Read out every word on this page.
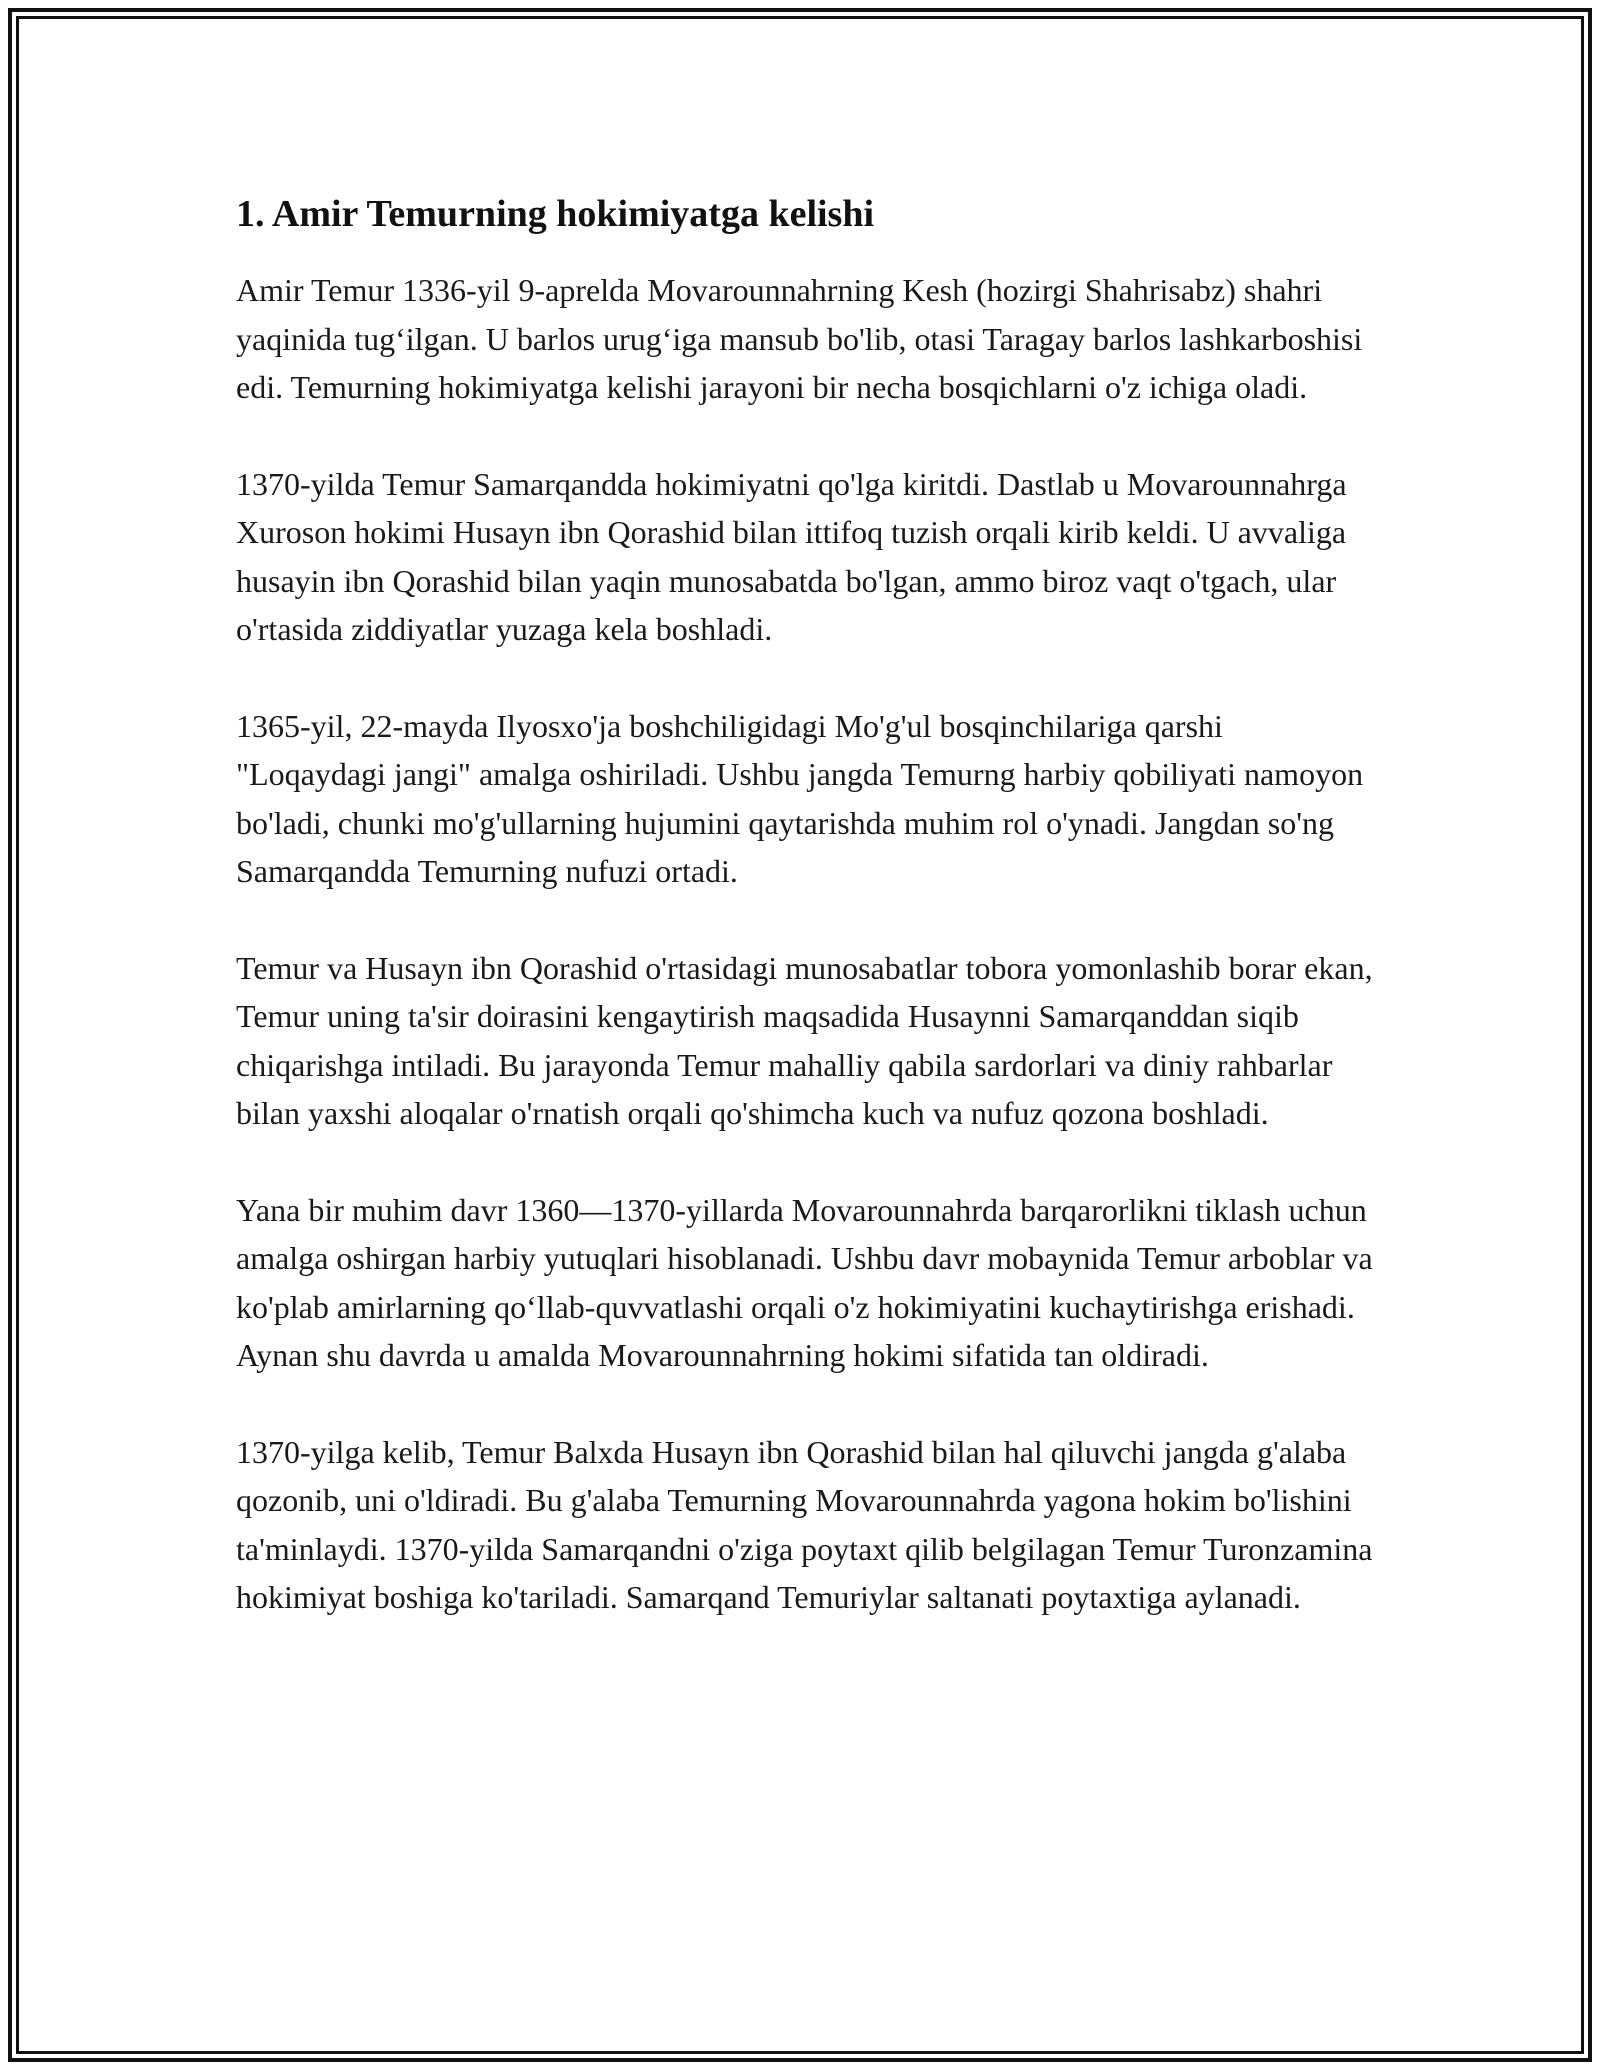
1. Amir Temurning hokimiyatga kelishi

Amir Temur 1336-yil 9-aprelda Movarounnahrning Kesh (hozirgi Shahrisabz) shahri yaqinida tug‘ilgan. U barlos urug‘iga mansub bo'lib, otasi Taragay barlos lashkarboshisi edi. Temurning hokimiyatga kelishi jarayoni bir necha bosqichlarni o'z ichiga oladi.

1370-yilda Temur Samarqandda hokimiyatni qo'lga kiritdi. Dastlab u Movarounnahrga Xuroson hokimi Husayn ibn Qorashid bilan ittifoq tuzish orqali kirib keldi. U avvaliga husayin ibn Qorashid bilan yaqin munosabatda bo'lgan, ammo biroz vaqt o'tgach, ular o'rtasida ziddiyatlar yuzaga kela boshladi.

1365-yil, 22-mayda Ilyosxo'ja boshchiligidagi Mo'g'ul bosqinchilariga qarshi "Loqaydagi jangi" amalga oshiriladi. Ushbu jangda Temurng harbiy qobiliyati namoyon bo'ladi, chunki mo'g'ullarning hujumini qaytarishda muhim rol o'ynadi. Jangdan so'ng Samarqandda Temurning nufuzi ortadi.

Temur va Husayn ibn Qorashid o'rtasidagi munosabatlar tobora yomonlashib borar ekan, Temur uning ta'sir doirasini kengaytirish maqsadida Husaynni Samarqanddan siqib chiqarishga intiladi. Bu jarayonda Temur mahalliy qabila sardorlari va diniy rahbarlar bilan yaxshi aloqalar o'rnatish orqali qo'shimcha kuch va nufuz qozona boshladi.

Yana bir muhim davr 1360—1370-yillarda Movarounnahrda barqarorlikni tiklash uchun amalga oshirgan harbiy yutuqlari hisoblanadi. Ushbu davr mobaynida Temur arboblar va ko'plab amirlarning qo‘llab-quvvatlashi orqali o'z hokimiyatini kuchaytirishga erishadi. Aynan shu davrda u amalda Movarounnahrning hokimi sifatida tan oldiradi.

1370-yilga kelib, Temur Balxda Husayn ibn Qorashid bilan hal qiluvchi jangda g'alaba qozonib, uni o'ldiradi. Bu g'alaba Temurning Movarounnahrda yagona hokim bo'lishini ta'minlaydi. 1370-yilda Samarqandni o'ziga poytaxt qilib belgilagan Temur Turonzamina hokimiyat boshiga ko'tariladi. Samarqand Temuriylar saltanati poytaxtiga aylanadi.
